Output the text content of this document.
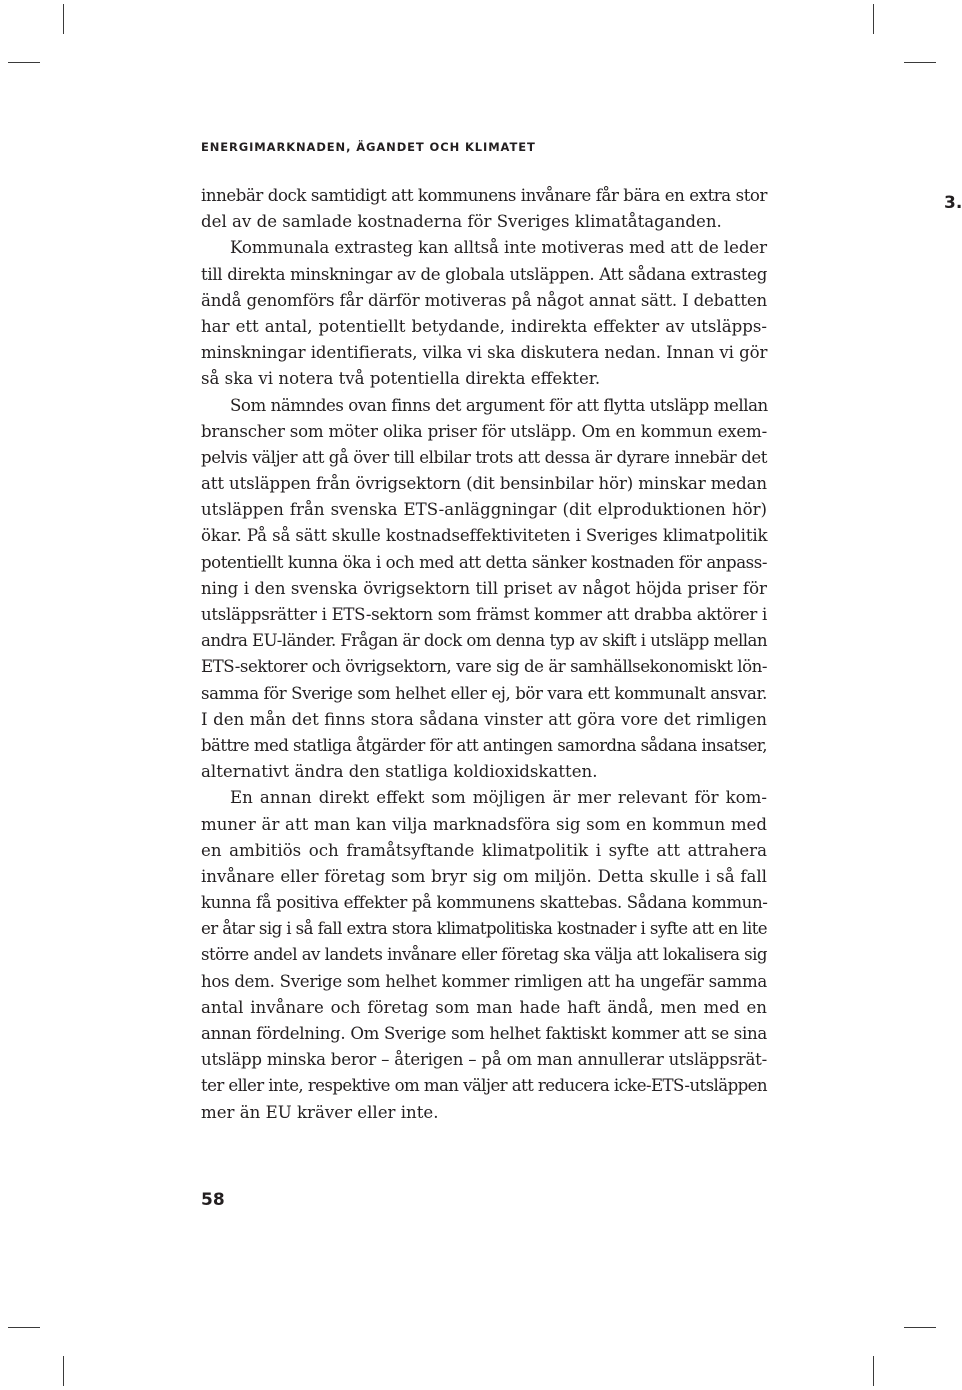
ENERGIMARKNADEN, ÄGANDET OCH KLIMATET
3.
innebär dock samtidigt att kommunens invånare får bära en extra stor
del av de samlade kostnaderna för Sveriges klimatåtaganden.
Kommunala extrasteg kan alltså inte motiveras med att de leder
till direkta minskningar av de globala utsläppen. Att sådana extrasteg
ändå genomförs får därför motiveras på något annat sätt. I debatten
har ett antal, potentiellt betydande, indirekta effekter av utsläpps-
minskningar identifierats, vilka vi ska diskutera nedan. Innan vi gör
så ska vi notera två potentiella direkta effekter.
Som nämndes ovan finns det argument för att flytta utsläpp mellan
branscher som möter olika priser för utsläpp. Om en kommun exem-
pelvis väljer att gå över till elbilar trots att dessa är dyrare innebär det
att utsläppen från övrigsektorn (dit bensinbilar hör) minskar medan
utsläppen från svenska ETS-anläggningar (dit elproduktionen hör)
ökar. På så sätt skulle kostnadseffektiviteten i Sveriges klimatpolitik
potentiellt kunna öka i och med att detta sänker kostnaden för anpass-
ning i den svenska övrigsektorn till priset av något höjda priser för
utsläppsrätter i ETS-sektorn som främst kommer att drabba aktörer i
andra EU-länder. Frågan är dock om denna typ av skift i utsläpp mellan
ETS-sektorer och övrigsektorn, vare sig de är samhällsekonomiskt lön-
samma för Sverige som helhet eller ej, bör vara ett kommunalt ansvar.
I den mån det finns stora sådana vinster att göra vore det rimligen
bättre med statliga åtgärder för att antingen samordna sådana insatser,
alternativt ändra den statliga koldioxidskatten.
En annan direkt effekt som möjligen är mer relevant för kom-
muner är att man kan vilja marknadsföra sig som en kommun med
en ambitiös och framåtsyftande klimatpolitik i syfte att attrahera
invånare eller företag som bryr sig om miljön. Detta skulle i så fall
kunna få positiva effekter på kommunens skattebas. Sådana kommun-
er åtar sig i så fall extra stora klimatpolitiska kostnader i syfte att en lite
större andel av landets invånare eller företag ska välja att lokalisera sig
hos dem. Sverige som helhet kommer rimligen att ha ungefär samma
antal invånare och företag som man hade haft ändå, men med en
annan fördelning. Om Sverige som helhet faktiskt kommer att se sina
utsläpp minska beror – återigen – på om man annullerar utsläppsrät-
ter eller inte, respektive om man väljer att reducera icke-ETS-utsläppen
mer än EU kräver eller inte.
58
